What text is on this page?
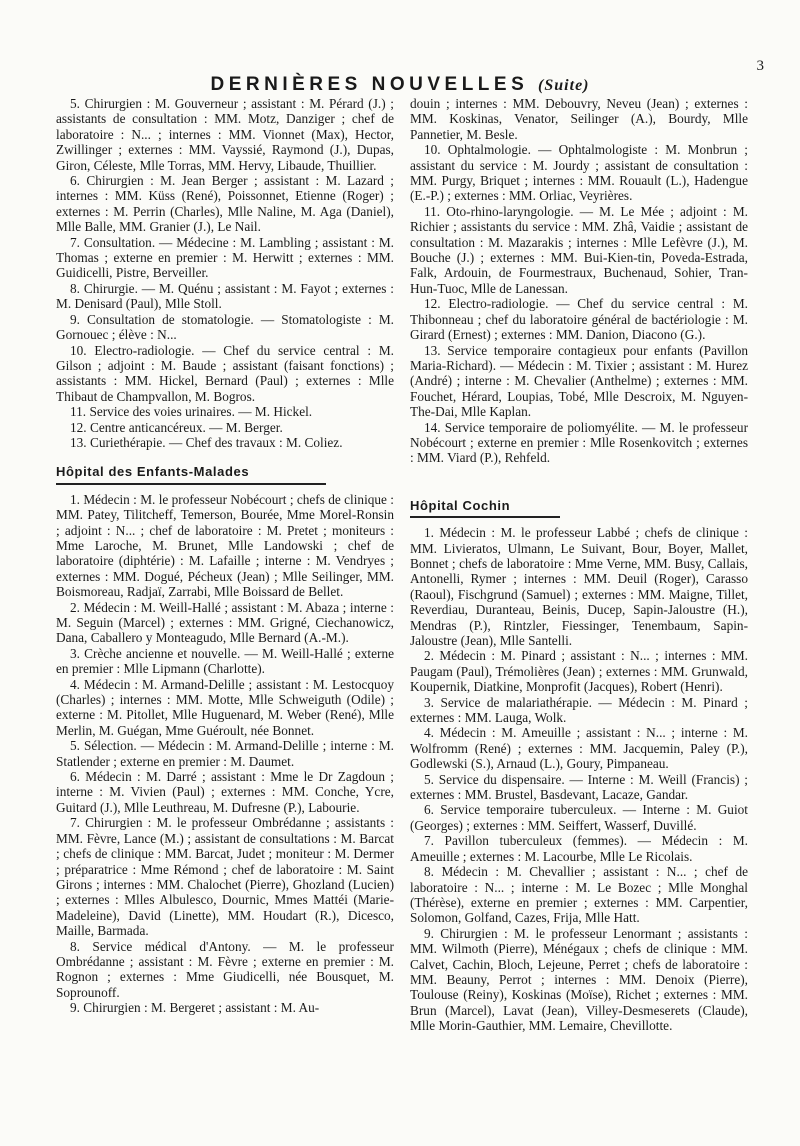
3
DERNIÈRES NOUVELLES (Suite)

5. Chirurgien : M. Gouverneur ; assistant : M. Pérard (J.) ; assistants de consultation : MM. Motz, Danziger ; chef de laboratoire : N... ; internes : MM. Vionnet (Max), Hector, Zwillinger ; externes : MM. Vayssié, Raymond (J.), Dupas, Giron, Céleste, Mlle Torras, MM. Hervy, Libaude, Thuillier.

6. Chirurgien : M. Jean Berger ; assistant : M. Lazard ; internes : MM. Küss (René), Poissonnet, Etienne (Roger) ; externes : M. Perrin (Charles), Mlle Naline, M. Aga (Daniel), Mlle Balle, MM. Granier (J.), Le Nail.

7. Consultation. — Médecine : M. Lambling ; assistant : M. Thomas ; externe en premier : M. Herwitt ; externes : MM. Guidicelli, Pistre, Berveiller.

8. Chirurgie. — M. Quénu ; assistant : M. Fayot ; externes : M. Denisard (Paul), Mlle Stoll.

9. Consultation de stomatologie. — Stomatologiste : M. Gornouec ; élève : N...

10. Electro-radiologie. — Chef du service central : M. Gilson ; adjoint : M. Baude ; assistant (faisant fonctions) ; assistants : MM. Hickel, Bernard (Paul) ; externes : Mlle Thibaut de Champvallon, M. Bogros.

11. Service des voies urinaires. — M. Hickel.

12. Centre anticancéreux. — M. Berger.

13. Curiethérapie. — Chef des travaux : M. Coliez.

Hôpital des Enfants-Malades

1. Médecin : M. le professeur Nobécourt ; chefs de clinique : MM. Patey, Tilitcheff, Temerson, Bourée, Mme Morel-Ronsin ; adjoint : N... ; chef de laboratoire : M. Pretet ; moniteurs : Mme Laroche, M. Brunet, Mlle Landowski ; chef de laboratoire (diphtérie) : M. Lafaille ; interne : M. Vendryes ; externes : MM. Dogué, Pécheux (Jean) ; Mlle Seilinger, MM. Boismoreau, Radjaï, Zarrabi, Mlle Boissard de Bellet.

2. Médecin : M. Weill-Hallé ; assistant : M. Abaza ; interne : M. Seguin (Marcel) ; externes : MM. Grigné, Ciechanowicz, Dana, Caballero y Monteagudo, Mlle Bernard (A.-M.).

3. Crèche ancienne et nouvelle. — M. Weill-Hallé ; externe en premier : Mlle Lipmann (Charlotte).

4. Médecin : M. Armand-Delille ; assistant : M. Lestocquoy (Charles) ; internes : MM. Motte, Mlle Schweiguth (Odile) ; externe : M. Pitollet, Mlle Huguenard, M. Weber (René), Mlle Merlin, M. Guégan, Mme Guéroult, née Bonnet.

5. Sélection. — Médecin : M. Armand-Delille ; interne : M. Statlender ; externe en premier : M. Daumet.

6. Médecin : M. Darré ; assistant : Mme le Dr Zagdoun ; interne : M. Vivien (Paul) ; externes : MM. Conche, Ycre, Guitard (J.), Mlle Leuthreau, M. Dufresne (P.), Labourie.

7. Chirurgien : M. le professeur Ombrédanne ; assistants : MM. Fèvre, Lance (M.) ; assistant de consultations : M. Barcat ; chefs de clinique : MM. Barcat, Judet ; moniteur : M. Dermer ; préparatrice : Mme Rémond ; chef de laboratoire : M. Saint Girons ; internes : MM. Chalochet (Pierre), Ghozland (Lucien) ; externes : Mlles Albulesco, Dournic, Mmes Mattéi (Marie-Madeleine), David (Linette), MM. Houdart (R.), Dicesco, Maille, Barmada.

8. Service médical d'Antony. — M. le professeur Ombrédanne ; assistant : M. Fèvre ; externe en premier : M. Rognon ; externes : Mme Giudicelli, née Bousquet, M. Soprounoff.

9. Chirurgien : M. Bergeret ; assistant : M. Au-

douin ; internes : MM. Debouvry, Neveu (Jean) ; externes : MM. Koskinas, Venator, Seilinger (A.), Bourdy, Mlle Pannetier, M. Besle.

10. Ophtalmologie. — Ophtalmologiste : M. Monbrun ; assistant du service : M. Jourdy ; assistant de consultation : MM. Purgy, Briquet ; internes : MM. Rouault (L.), Hadengue (E.-P.) ; externes : MM. Orliac, Veyrières.

11. Oto-rhino-laryngologie. — M. Le Mée ; adjoint : M. Richier ; assistants du service : MM. Zhâ, Vaidie ; assistant de consultation : M. Mazarakis ; internes : Mlle Lefèvre (J.), M. Bouche (J.) ; externes : MM. Bui-Kien-tin, Poveda-Estrada, Falk, Ardouin, de Fourmestraux, Buchenaud, Sohier, Tran-Hun-Tuoc, Mlle de Lanessan.

12. Electro-radiologie. — Chef du service central : M. Thibonneau ; chef du laboratoire général de bactériologie : M. Girard (Ernest) ; externes : MM. Danion, Diacono (G.).

13. Service temporaire contagieux pour enfants (Pavillon Maria-Richard). — Médecin : M. Tixier ; assistant : M. Hurez (André) ; interne : M. Chevalier (Anthelme) ; externes : MM. Fouchet, Hérard, Loupias, Tobé, Mlle Descroix, M. Nguyen-The-Dai, Mlle Kaplan.

14. Service temporaire de poliomyélite. — M. le professeur Nobécourt ; externe en premier : Mlle Rosenkovitch ; externes : MM. Viard (P.), Rehfeld.

Hôpital Cochin

1. Médecin : M. le professeur Labbé ; chefs de clinique : MM. Livieratos, Ulmann, Le Suivant, Bour, Boyer, Mallet, Bonnet ; chefs de laboratoire : Mme Verne, MM. Busy, Callais, Antonelli, Rymer ; internes : MM. Deuil (Roger), Carasso (Raoul), Fischgrund (Samuel) ; externes : MM. Maigne, Tillet, Reverdiau, Duranteau, Beinis, Ducep, Sapin-Jaloustre (H.), Mendras (P.), Rintzler, Fiessinger, Tenembaum, Sapin-Jaloustre (Jean), Mlle Santelli.

2. Médecin : M. Pinard ; assistant : N... ; internes : MM. Paugam (Paul), Trémolières (Jean) ; externes : MM. Grunwald, Koupernik, Diatkine, Monprofit (Jacques), Robert (Henri).

3. Service de malariathérapie. — Médecin : M. Pinard ; externes : MM. Lauga, Wolk.

4. Médecin : M. Ameuille ; assistant : N... ; interne : M. Wolfromm (René) ; externes : MM. Jacquemin, Paley (P.), Godlewski (S.), Arnaud (L.), Goury, Pimpaneau.

5. Service du dispensaire. — Interne : M. Weill (Francis) ; externes : MM. Brustel, Basdevant, Lacaze, Gandar.

6. Service temporaire tuberculeux. — Interne : M. Guiot (Georges) ; externes : MM. Seiffert, Wasserf, Duvillé.

7. Pavillon tuberculeux (femmes). — Médecin : M. Ameuille ; externes : M. Lacourbe, Mlle Le Ricolais.

8. Médecin : M. Chevallier ; assistant : N... ; chef de laboratoire : N... ; interne : M. Le Bozec ; Mlle Monghal (Thérèse), externe en premier ; externes : MM. Carpentier, Solomon, Golfand, Cazes, Frija, Mlle Hatt.

9. Chirurgien : M. le professeur Lenormant ; assistants : MM. Wilmoth (Pierre), Ménégaux ; chefs de clinique : MM. Calvet, Cachin, Bloch, Lejeune, Perret ; chefs de laboratoire : MM. Beauny, Perrot ; internes : MM. Denoix (Pierre), Toulouse (Reiny), Koskinas (Moïse), Richet ; externes : MM. Brun (Marcel), Lavat (Jean), Villey-Desmeserets (Claude), Mlle Morin-Gauthier, MM. Lemaire, Chevillotte.
